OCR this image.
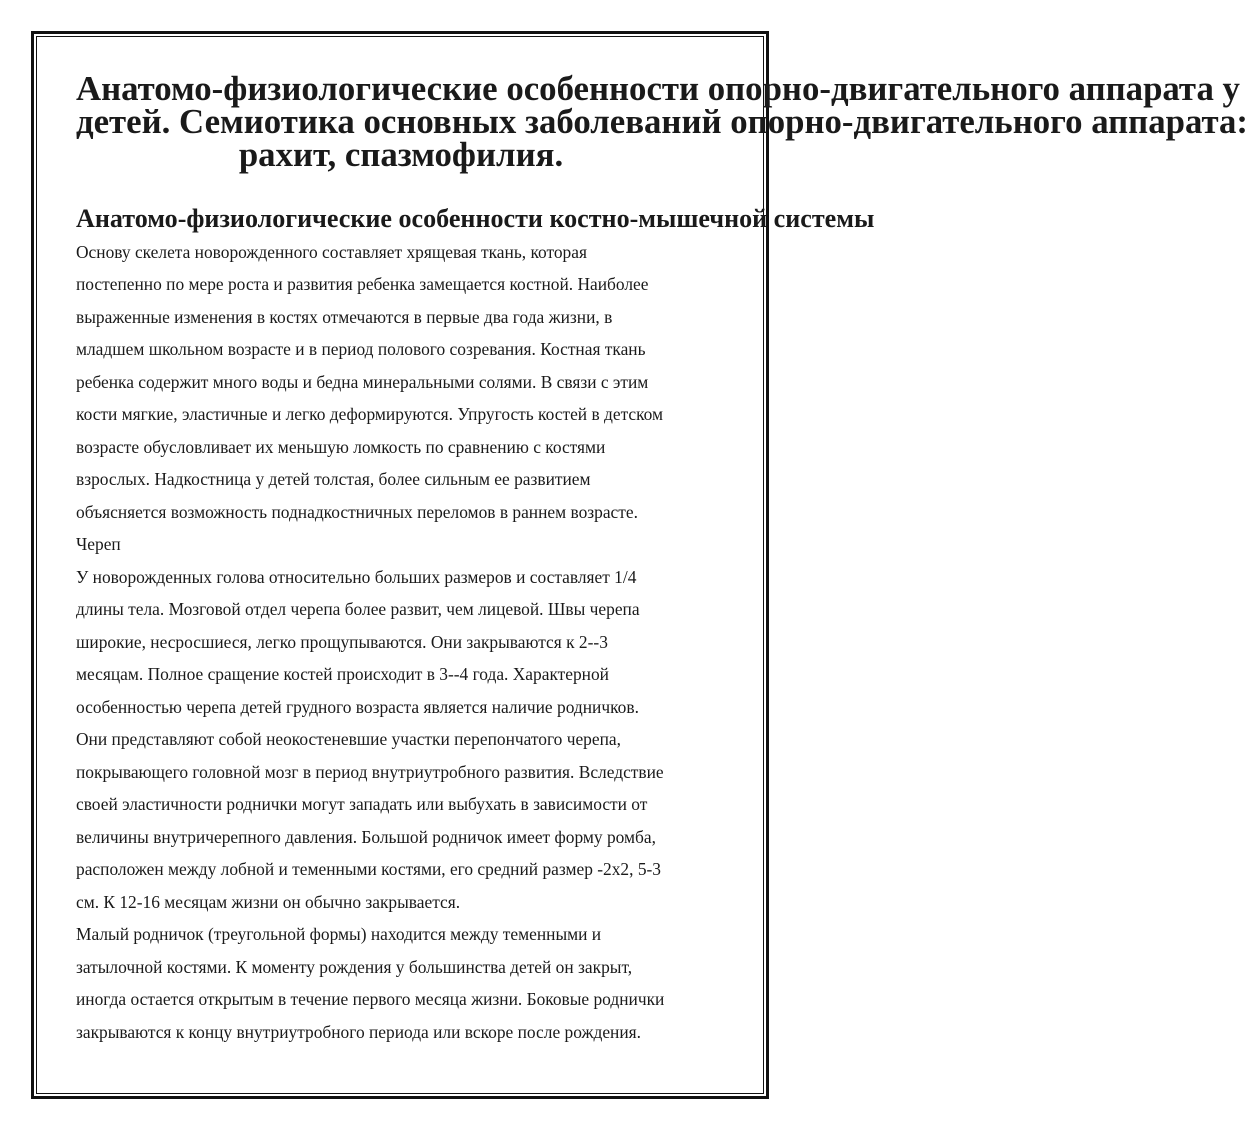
Анатомо-физиологические особенности опорно-двигательного аппарата у
детей. Семиотика основных заболеваний опорно-двигательного аппарата:
рахит, спазмофилия.
Анатомо-физиологические особенности костно-мышечной системы

Основу скелета новорожденного составляет хрящевая ткань, которая
постепенно по мере роста и развития ребенка замещается костной. Наиболее
выраженные изменения в костях отмечаются в первые два года жизни, в
младшем школьном возрасте и в период полового созревания. Костная ткань
ребенка содержит много воды и бедна минеральными солями. В связи с этим
кости мягкие, эластичные и легко деформируются. Упругость костей в детском
возрасте обусловливает их меньшую ломкость по сравнению с костями
взрослых. Надкостница у детей толстая, более сильным ее развитием
объясняется возможность поднадкостничных переломов в раннем возрасте.

Череп

У новорожденных голова относительно больших размеров и составляет 1/4
длины тела. Мозговой отдел черепа более развит, чем лицевой. Швы черепа
широкие, несросшиеся, легко прощупываются. Они закрываются к 2--3
месяцам. Полное сращение костей происходит в 3--4 года. Характерной
особенностью черепа детей грудного возраста является наличие родничков.
Они представляют собой неокостеневшие участки перепончатого черепа,
покрывающего головной мозг в период внутриутробного развития. Вследствие
своей эластичности роднички могут западать или выбухать в зависимости от
величины внутричерепного давления. Большой родничок имеет форму ромба,
расположен между лобной и теменными костями, его средний размер -2х2, 5-3
см. К 12-16 месяцам жизни он обычно закрывается.

Малый родничок (треугольной формы) находится между теменными и
затылочной костями. К моменту рождения у большинства детей он закрыт,
иногда остается открытым в течение первого месяца жизни. Боковые роднички
закрываются к концу внутриутробного периода или вскоре после рождения.
